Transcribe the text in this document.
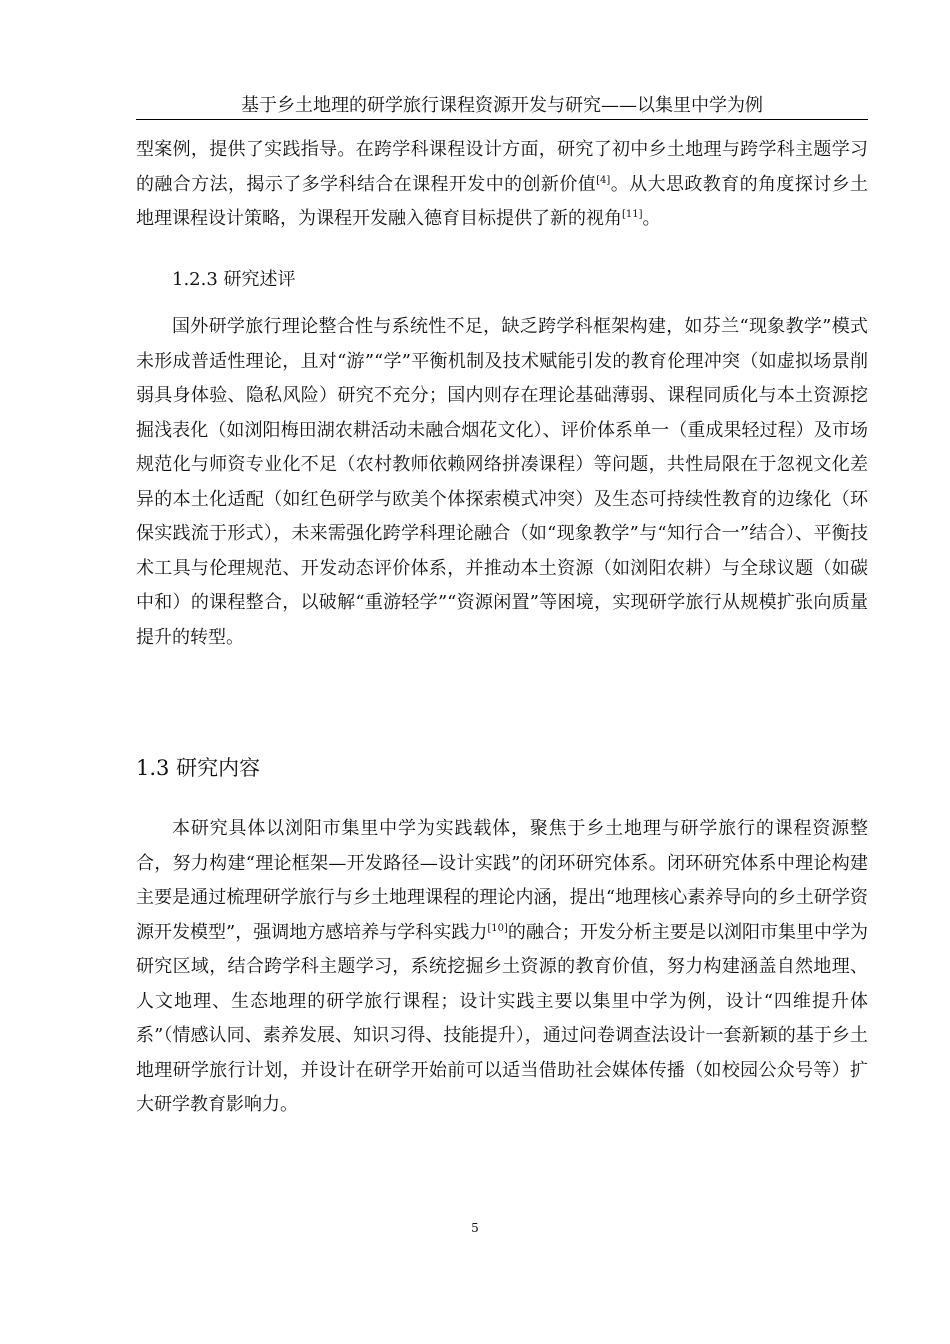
基于乡土地理的研学旅行课程资源开发与研究——以集里中学为例

型案例，提供了实践指导。在跨学科课程设计方面，研究了初中乡土地理与跨学科主题学习的融合方法，揭示了多学科结合在课程开发中的创新价值[4]。从大思政教育的角度探讨乡土地理课程设计策略，为课程开发融入德育目标提供了新的视角[11]。

1.2.3 研究述评

国外研学旅行理论整合性与系统性不足，缺乏跨学科框架构建，如芬兰“现象教学”模式未形成普适性理论，且对“游”“学”平衡机制及技术赋能引发的教育伦理冲突（如虚拟场景削弱具身体验、隐私风险）研究不充分；国内则存在理论基础薄弱、课程同质化与本土资源挖掘浅表化（如浏阳梅田湖农耕活动未融合烟花文化）、评价体系单一（重成果轻过程）及市场规范化与师资专业化不足（农村教师依赖网络拼凑课程）等问题，共性局限在于忽视文化差异的本土化适配（如红色研学与欧美个体探索模式冲突）及生态可持续性教育的边缘化（环保实践流于形式），未来需强化跨学科理论融合（如“现象教学”与“知行合一”结合）、平衡技术工具与伦理规范、开发动态评价体系，并推动本土资源（如浏阳农耕）与全球议题（如碳中和）的课程整合，以破解“重游轻学”“资源闲置”等困境，实现研学旅行从规模扩张向质量提升的转型。

1.3 研究内容

本研究具体以浏阳市集里中学为实践载体，聚焦于乡土地理与研学旅行的课程资源整合，努力构建“理论框架—开发路径—设计实践”的闭环研究体系。闭环研究体系中理论构建主要是通过梳理研学旅行与乡土地理课程的理论内涵，提出“地理核心素养导向的乡土研学资源开发模型”，强调地方感培养与学科实践力[10]的融合；开发分析主要是以浏阳市集里中学为研究区域，结合跨学科主题学习，系统挖掘乡土资源的教育价值，努力构建涵盖自然地理、人文地理、生态地理的研学旅行课程；设计实践主要以集里中学为例，设计“四维提升体系”（情感认同、素养发展、知识习得、技能提升），通过问卷调查法设计一套新颖的基于乡土地理研学旅行计划，并设计在研学开始前可以适当借助社会媒体传播（如校园公众号等）扩大研学教育影响力。

5
